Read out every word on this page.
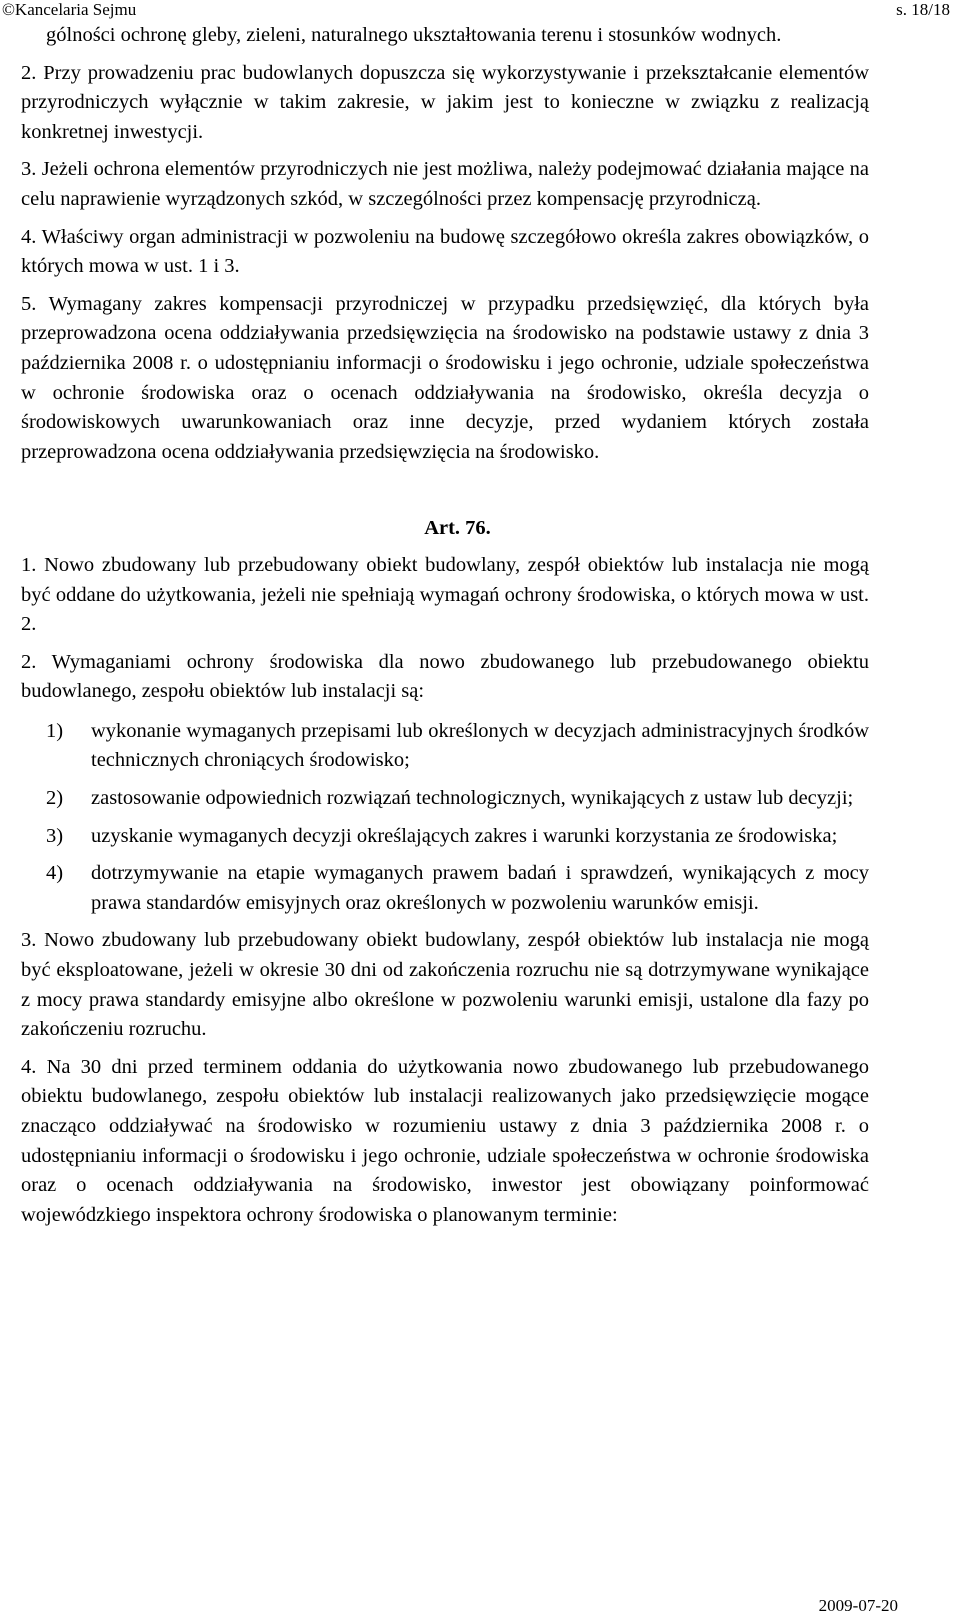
©Kancelaria Sejmu	s. 18/18

gólności ochronę gleby, zieleni, naturalnego ukształtowania terenu i stosunków wodnych.

2. Przy prowadzeniu prac budowlanych dopuszcza się wykorzystywanie i przekształcanie elementów przyrodniczych wyłącznie w takim zakresie, w jakim jest to konieczne w związku z realizacją konkretnej inwestycji.

3. Jeżeli ochrona elementów przyrodniczych nie jest możliwa, należy podejmować działania mające na celu naprawienie wyrządzonych szkód, w szczególności przez kompensację przyrodniczą.

4. Właściwy organ administracji w pozwoleniu na budowę szczegółowo określa zakres obowiązków, o których mowa w ust. 1 i 3.

5. Wymagany zakres kompensacji przyrodniczej w przypadku przedsięwzięć, dla których była przeprowadzona ocena oddziaływania przedsięwzięcia na środowisko na podstawie ustawy z dnia 3 października 2008 r. o udostępnianiu informacji o środowisku i jego ochronie, udziale społeczeństwa w ochronie środowiska oraz o ocenach oddziaływania na środowisko, określa decyzja o środowiskowych uwarunkowaniach oraz inne decyzje, przed wydaniem których została przeprowadzona ocena oddziaływania przedsięwzięcia na środowisko.

Art. 76.

1. Nowo zbudowany lub przebudowany obiekt budowlany, zespół obiektów lub instalacja nie mogą być oddane do użytkowania, jeżeli nie spełniają wymagań ochrony środowiska, o których mowa w ust. 2.

2. Wymaganiami ochrony środowiska dla nowo zbudowanego lub przebudowanego obiektu budowlanego, zespołu obiektów lub instalacji są:

1) wykonanie wymaganych przepisami lub określonych w decyzjach administracyjnych środków technicznych chroniących środowisko;
2) zastosowanie odpowiednich rozwiązań technologicznych, wynikających z ustaw lub decyzji;
3) uzyskanie wymaganych decyzji określających zakres i warunki korzystania ze środowiska;
4) dotrzymywanie na etapie wymaganych prawem badań i sprawdzeń, wynikających z mocy prawa standardów emisyjnych oraz określonych w pozwoleniu warunków emisji.

3. Nowo zbudowany lub przebudowany obiekt budowlany, zespół obiektów lub instalacja nie mogą być eksploatowane, jeżeli w okresie 30 dni od zakończenia rozruchu nie są dotrzymywane wynikające z mocy prawa standardy emisyjne albo określone w pozwoleniu warunki emisji, ustalone dla fazy po zakończeniu rozruchu.

4. Na 30 dni przed terminem oddania do użytkowania nowo zbudowanego lub przebudowanego obiektu budowlanego, zespołu obiektów lub instalacji realizowanych jako przedsięwzięcie mogące znacząco oddziaływać na środowisko w rozumieniu ustawy z dnia 3 października 2008 r. o udostępnianiu informacji o środowisku i jego ochronie, udziale społeczeństwa w ochronie środowiska oraz o ocenach oddziaływania na środowisko, inwestor jest obowiązany poinformować wojewódzkiego inspektora ochrony środowiska o planowanym terminie:

2009-07-20
